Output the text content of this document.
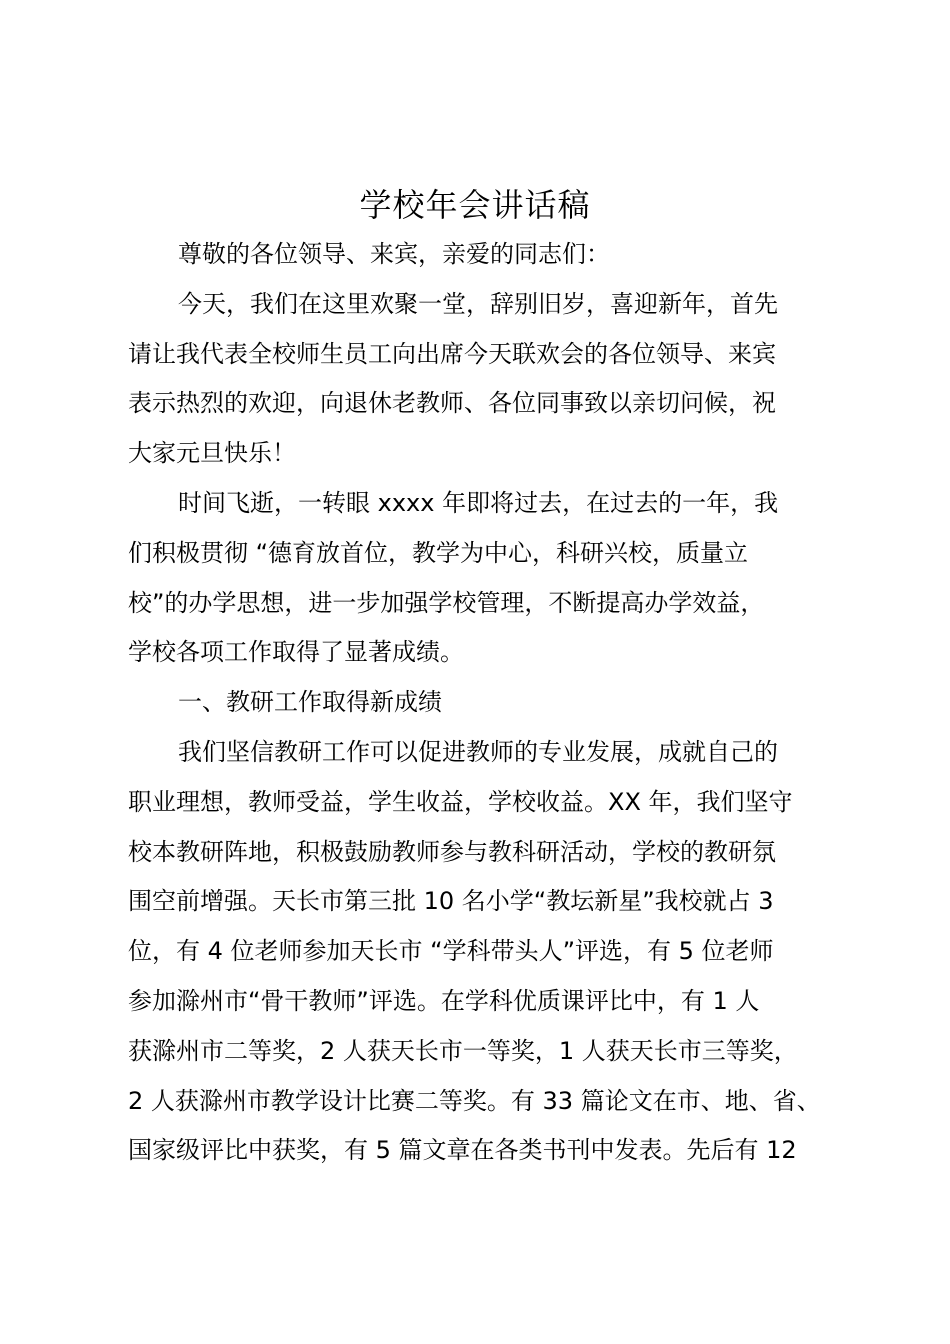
学校年会讲话稿
尊敬的各位领导、来宾，亲爱的同志们：
今天，我们在这里欢聚一堂，辞别旧岁，喜迎新年，首先
请让我代表全校师生员工向出席今天联欢会的各位领导、来宾
表示热烈的欢迎，向退休老教师、各位同事致以亲切问候，祝
大家元旦快乐！
时间飞逝，一转眼 xxxx 年即将过去，在过去的一年，我
们积极贯彻 “德育放首位，教学为中心，科研兴校，质量立
校”的办学思想，进一步加强学校管理，不断提高办学效益，
学校各项工作取得了显著成绩。
一、教研工作取得新成绩
我们坚信教研工作可以促进教师的专业发展，成就自己的
职业理想，教师受益，学生收益，学校收益。XX 年，我们坚守
校本教研阵地，积极鼓励教师参与教科研活动，学校的教研氛
围空前增强。天长市第三批 10 名小学“教坛新星”我校就占 3
位，有 4 位老师参加天长市 “学科带头人”评选，有 5 位老师
参加滁州市“骨干教师”评选。在学科优质课评比中，有 1 人
获滁州市二等奖，2 人获天长市一等奖，1 人获天长市三等奖，
2 人获滁州市教学设计比赛二等奖。有 33 篇论文在市、地、省、
国家级评比中获奖，有 5 篇文章在各类书刊中发表。先后有 12
